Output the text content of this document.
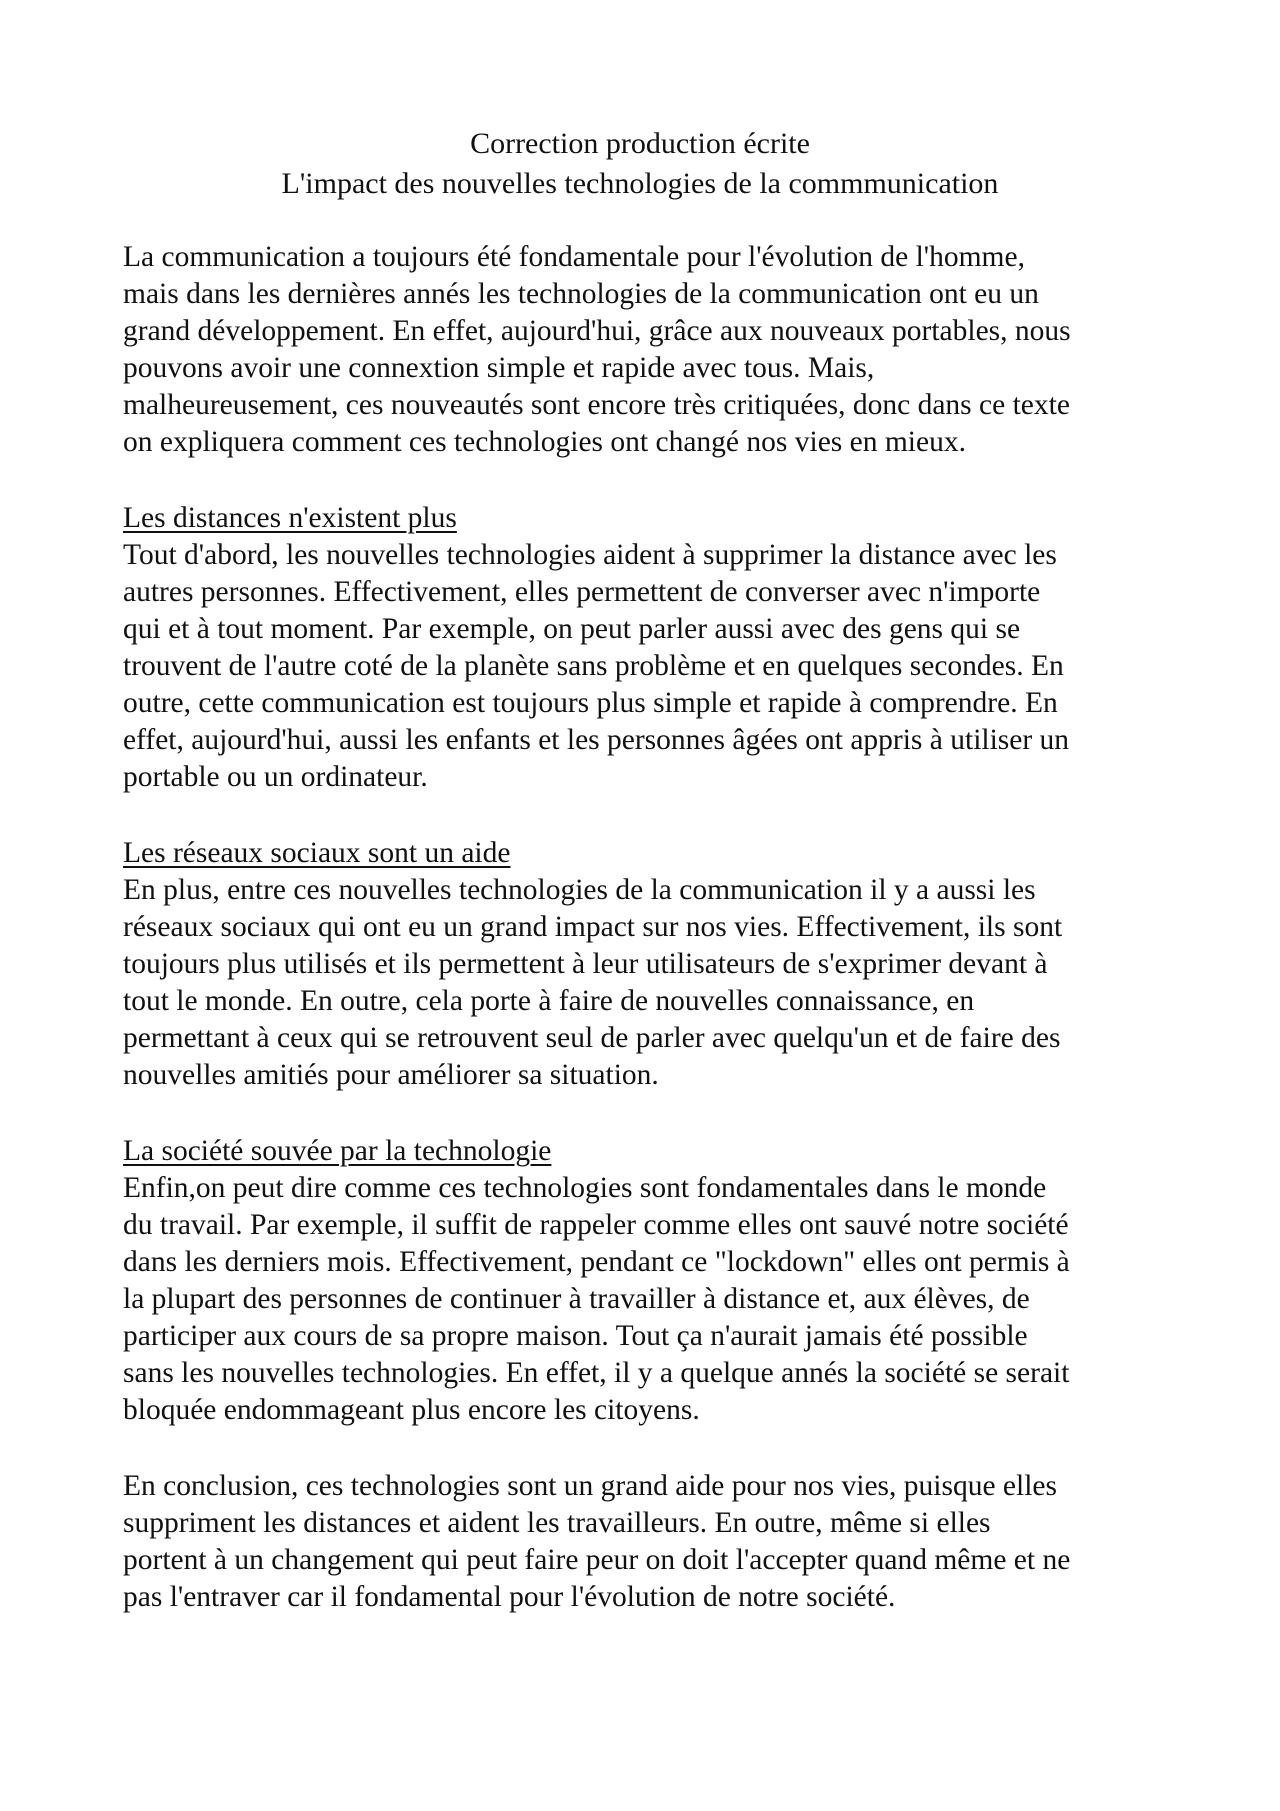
Correction production écrite
L'impact des nouvelles technologies de la commmunication
La communication a toujours été fondamentale pour l'évolution de l'homme,
mais dans les dernières annés les technologies de la communication ont eu un
grand développement. En effet, aujourd'hui, grâce aux nouveaux portables, nous
pouvons avoir une connextion simple et rapide avec tous. Mais,
malheureusement, ces nouveautés sont encore très critiquées, donc dans ce texte
on expliquera comment ces technologies ont changé nos vies en mieux.
Les distances n'existent plus
Tout d'abord, les nouvelles technologies aident à supprimer la distance avec les
autres personnes. Effectivement, elles permettent de converser avec n'importe
qui et à tout moment. Par exemple, on peut parler aussi avec des gens qui se
trouvent de l'autre coté de la planète sans problème et en quelques secondes. En
outre, cette communication est toujours plus simple et rapide à comprendre. En
effet, aujourd'hui, aussi les enfants et les personnes âgées ont appris à utiliser un
portable ou un ordinateur.
Les réseaux sociaux sont un aide
En plus, entre ces nouvelles technologies de la communication il y a aussi les
réseaux sociaux qui ont eu un grand impact sur nos vies. Effectivement, ils sont
toujours plus utilisés et ils permettent à leur utilisateurs de s'exprimer devant à
tout le monde. En outre, cela porte à faire de nouvelles connaissance, en
permettant à ceux qui se retrouvent seul de parler avec quelqu'un et de faire des
nouvelles amitiés pour améliorer sa situation.
La société souvée par la technologie
Enfin,on peut dire comme ces technologies sont fondamentales dans le monde
du travail. Par exemple, il suffit de rappeler comme elles ont sauvé notre société
dans les derniers mois. Effectivement, pendant ce "lockdown" elles ont permis à
la plupart des personnes de continuer à travailler à distance et, aux élèves, de
participer aux cours de sa propre maison. Tout ça n'aurait jamais été possible
sans les nouvelles technologies. En effet, il y a quelque annés la société se serait
bloquée endommageant plus encore les citoyens.
En conclusion, ces technologies sont un grand aide pour nos vies, puisque elles
suppriment les distances et aident les travailleurs. En outre, même si elles
portent à un changement qui peut faire peur on doit l'accepter quand même et ne
pas l'entraver car il fondamental pour l'évolution de notre société.
